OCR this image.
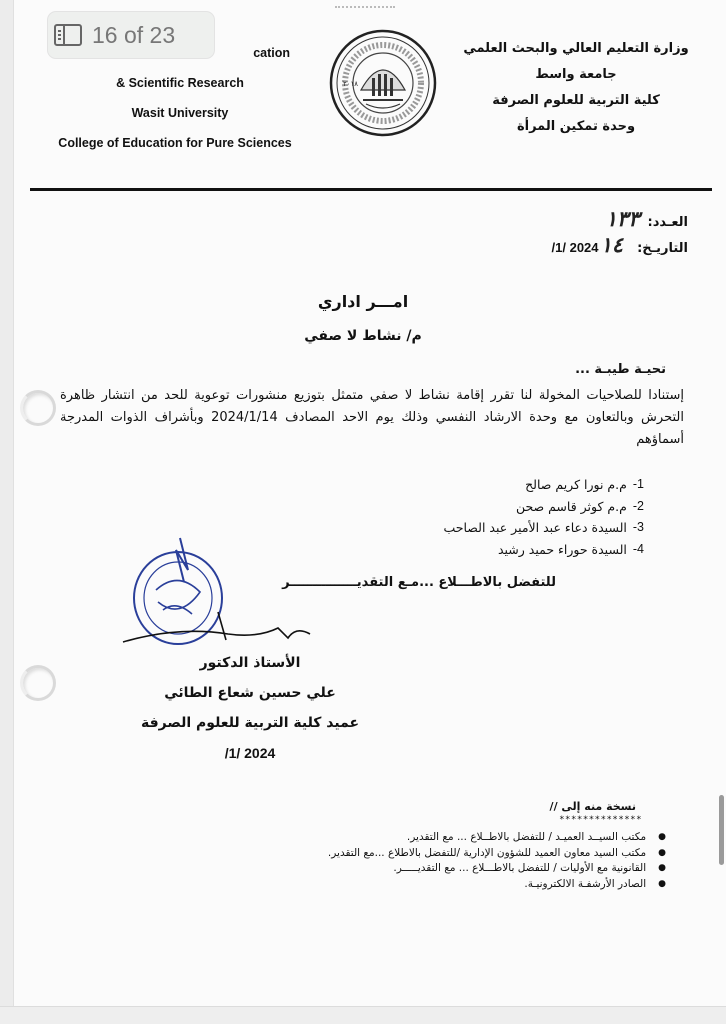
16 of 23
cation
& Scientific Research
Wasit University
College of Education for Pure Sciences
٢٠١٨
وزارة التعليم العالي والبحث العلمي
جامعة واسط
كلية التربية للعلوم الصرفة
وحدة تمكين المرأة
العـدد:
١٣٣
التاريـخ:
١٤
/1/ 2024
امـــر اداري
م/ نشاط لا صفي
تحيـة طيبـة ...
إستنادا للصلاحيات المخولة لنا تقرر إقامة نشاط لا صفي متمثل بتوزيع منشورات توعوية للحد من انتشار ظاهرة التحرش وبالتعاون مع وحدة الارشاد النفسي وذلك يوم الاحد المصادف 2024/1/14 وبأشراف الذوات المدرجة أسماؤهم
1-
م.م نورا كريم صالح
2-
م.م كوثر قاسم صحن
3-
السيدة دعاء عبد الأمير عبد الصاحب
4-
السيدة حوراء حميد رشيد
للتفضل بالاطـــلاع ...مـع التقديـــــــــــــــر
الأستاذ الدكتور
علي حسين شعاع الطائي
عميد كلية التربية للعلوم الصرفة
/1/ 2024
نسخة منه إلى //
**************
●
مكتب السيــد العميـد / للتفضل بالاطــلاع ... مع التقدير.
●
مكتب السيد معاون العميد للشؤون الإدارية /للتفضل بالاطلاع ...مع التقدير.
●
القانونية مع الأوليات / للتفضل بالاطـــلاع ... مع التقديـــــر.
●
الصادر الأرشفـة الالكترونيـة.
